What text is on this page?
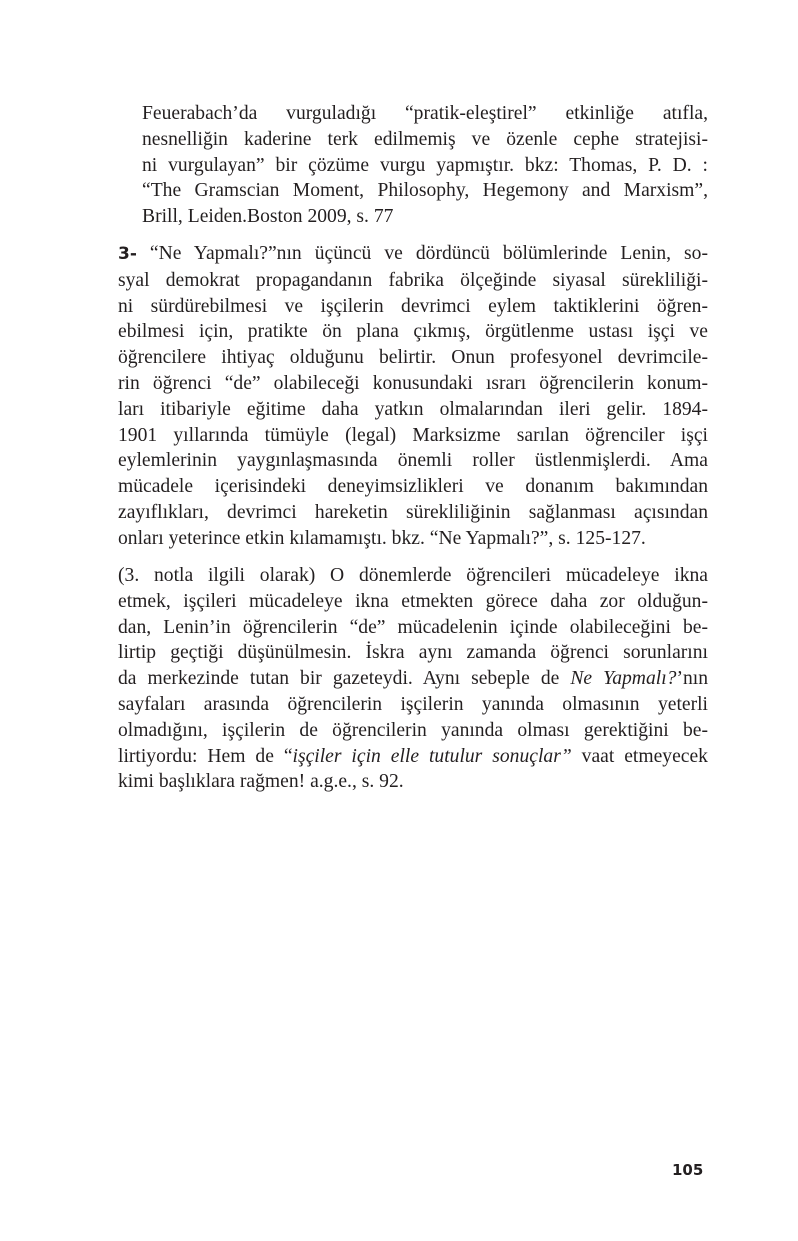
Feuerabach’da vurguladığı “pratik-eleştirel” etkinliğe atıfla,
nesnelliğin kaderine terk edilmemiş ve özenle cephe stratejisi-
ni vurgulayan” bir çözüme vurgu yapmıştır. bkz: Thomas, P. D. :
“The Gramscian Moment, Philosophy, Hegemony and Marxism”,
Brill, Leiden.Boston 2009, s. 77
3- “Ne Yapmalı?”nın üçüncü ve dördüncü bölümlerinde Lenin, so-
syal demokrat propagandanın fabrika ölçeğinde siyasal sürekliliği-
ni sürdürebilmesi ve işçilerin devrimci eylem taktiklerini öğren-
ebilmesi için, pratikte ön plana çıkmış, örgütlenme ustası işçi ve
öğrencilere ihtiyaç olduğunu belirtir. Onun profesyonel devrimcile-
rin öğrenci “de” olabileceği konusundaki ısrarı öğrencilerin konum-
ları itibariyle eğitime daha yatkın olmalarından ileri gelir. 1894-
1901 yıllarında tümüyle (legal) Marksizme sarılan öğrenciler işçi
eylemlerinin yaygınlaşmasında önemli roller üstlenmişlerdi. Ama
mücadele içerisindeki deneyimsizlikleri ve donanım bakımından
zayıflıkları, devrimci hareketin sürekliliğinin sağlanması açısından
onları yeterince etkin kılamamıştı. bkz. “Ne Yapmalı?”, s. 125-127.
(3. notla ilgili olarak) O dönemlerde öğrencileri mücadeleye ikna
etmek, işçileri mücadeleye ikna etmekten görece daha zor olduğun-
dan, Lenin’in öğrencilerin “de” mücadelenin içinde olabileceğini be-
lirtip geçtiği düşünülmesin. İskra aynı zamanda öğrenci sorunlarını
da merkezinde tutan bir gazeteydi. Aynı sebeple de Ne Yapmalı?’nın
sayfaları arasında öğrencilerin işçilerin yanında olmasının yeterli
olmadığını, işçilerin de öğrencilerin yanında olması gerektiğini be-
lirtiyordu: Hem de “işçiler için elle tutulur sonuçlar” vaat etmeyecek
kimi başlıklara rağmen! a.g.e., s. 92.
105
